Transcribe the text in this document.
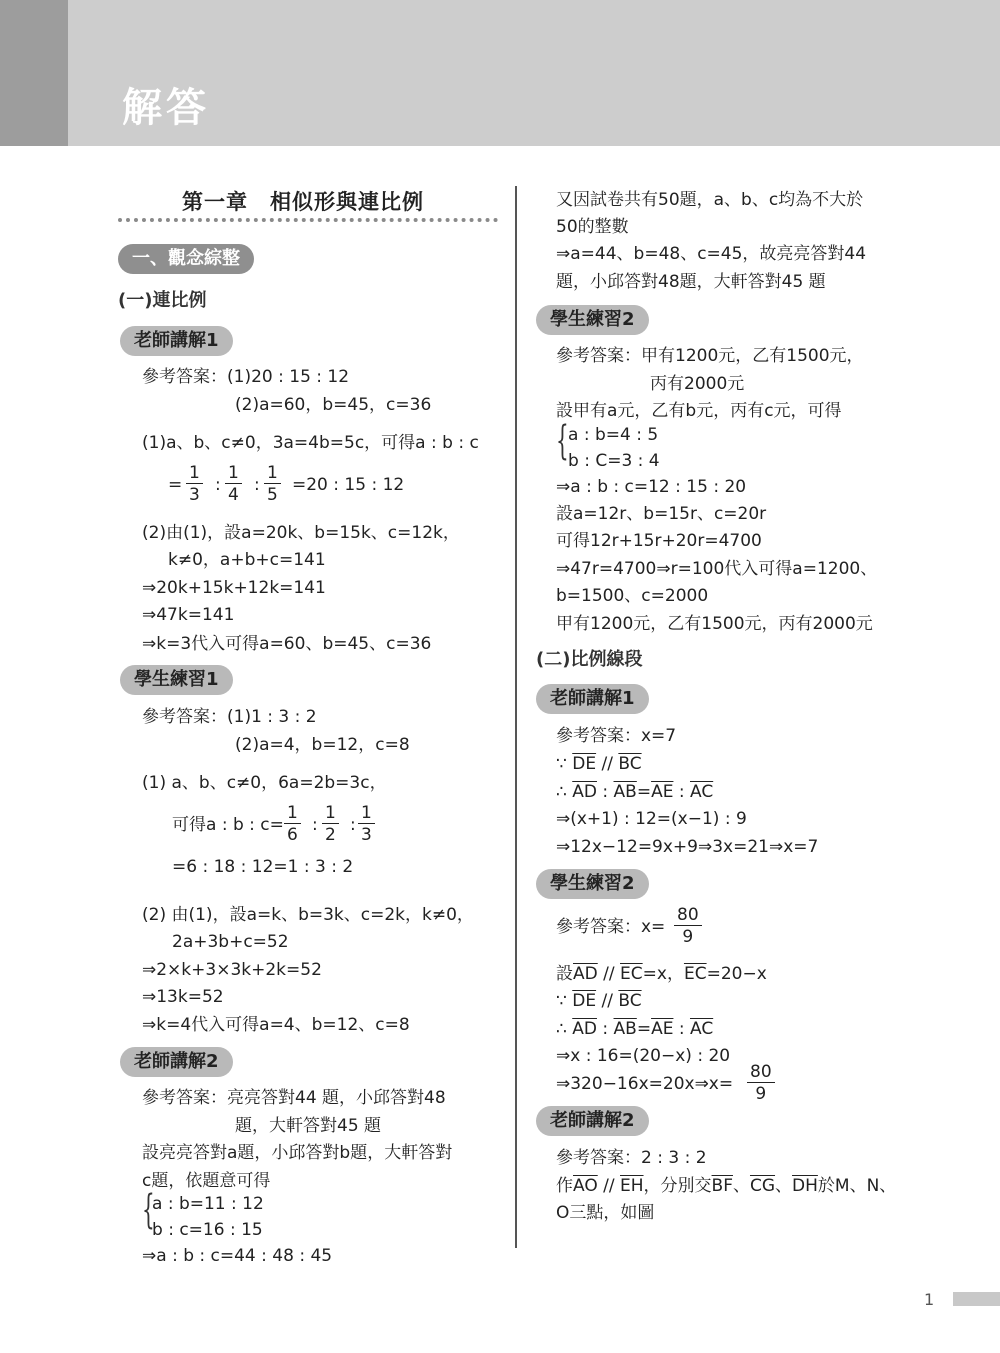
解答
第一章　相似形與連比例
一、觀念綜整
(一)連比例
老師講解1
參考答案：(1)20 : 15 : 12
(2)a=60，b=45，c=36
(1)a、b、c≠0，3a=4b=5c，可得a : b : c
= $\frac{1}{3}$ : $\frac{1}{4}$ : $\frac{1}{5} =20$ : 15 : 12
(2)由(1)，設a=20k、b=15k、c=12k，
k≠0，a+b+c=141
⇒20k+15k+12k=141
⇒47k=141
⇒k=3代入可得a=60、b=45、c=36
學生練習1
參考答案：(1)1 : 3 : 2
(2)a=4，b=12，c=8
(1) a、b、c≠0，6a=2b=3c，
可得a : b : $c= \frac{1}{6}$ : $\frac{1}{2}$ : $\frac{1}{3}$
=6 : 18 : 12=1 : 3 : 2
(2) 由(1)，設a=k、b=3k、c=2k，k≠0，
2a+3b+c=52
⇒2×k+3×3k+2k=52
⇒13k=52
⇒k=4代入可得a=4、b=12、c=8
老師講解2
參考答案：亮亮答對44 題，小邱答對48
題，大軒答對45 題
設亮亮答對a題，小邱答對b題，大軒答對
c題，依題意可得
{
a : b=11 : 12
b : c=16 : 15
⇒a : b : c=44 : 48 : 45
又因試卷共有50題，a、b、c均為不大於
50的整數
⇒a=44、b=48、c=45，故亮亮答對44
題，小邱答對48題，大軒答對45 題
學生練習2
參考答案：甲有1200元，乙有1500元，
丙有2000元
設甲有a元，乙有b元，丙有c元，可得
{ a : b=4 : 5
b : C=3 : 4
⇒a : b : c=12 : 15 : 20
設a=12r、b=15r、c=20r
可得12r+15r+20r=4700
⇒47r=4700⇒r=100代入可得a=1200、
b=1500、c=2000
甲有1200元，乙有1500元，丙有2000元
(二)比例線段
老師講解1
參考答案：x=7
∵ $\overline{DE} // \overline{BC}$
∴ $\overline{AD}$ : $\overline{AB}=\overline{AE}$ : $\overline{AC}$
⇒(x+1) : 12=(x−1) : 9
⇒12x−12=9x+9⇒3x=21⇒x=7
學生練習2
參考答案：$x= \frac{80}{9}$
設$\overline{AD} // \overline{EC}=x$，$\overline{EC}=20-x$
∵ $\overline{DE} // \overline{BC}$
∴ $\overline{AD}$ : $\overline{AB}=\overline{AE}$ : $\overline{AC}$
⇒x : 16=(20−x) : 20
⇒320−16x=20x⇒x= $\frac{80}{9}$
老師講解2
參考答案：2 : 3 : 2
作$\overline{AO} // \overline{EH}$，分別交$\overline{BF}$、$\overline{CG}$、$\overline{DH}$於M、N、
O三點，如圖
1
